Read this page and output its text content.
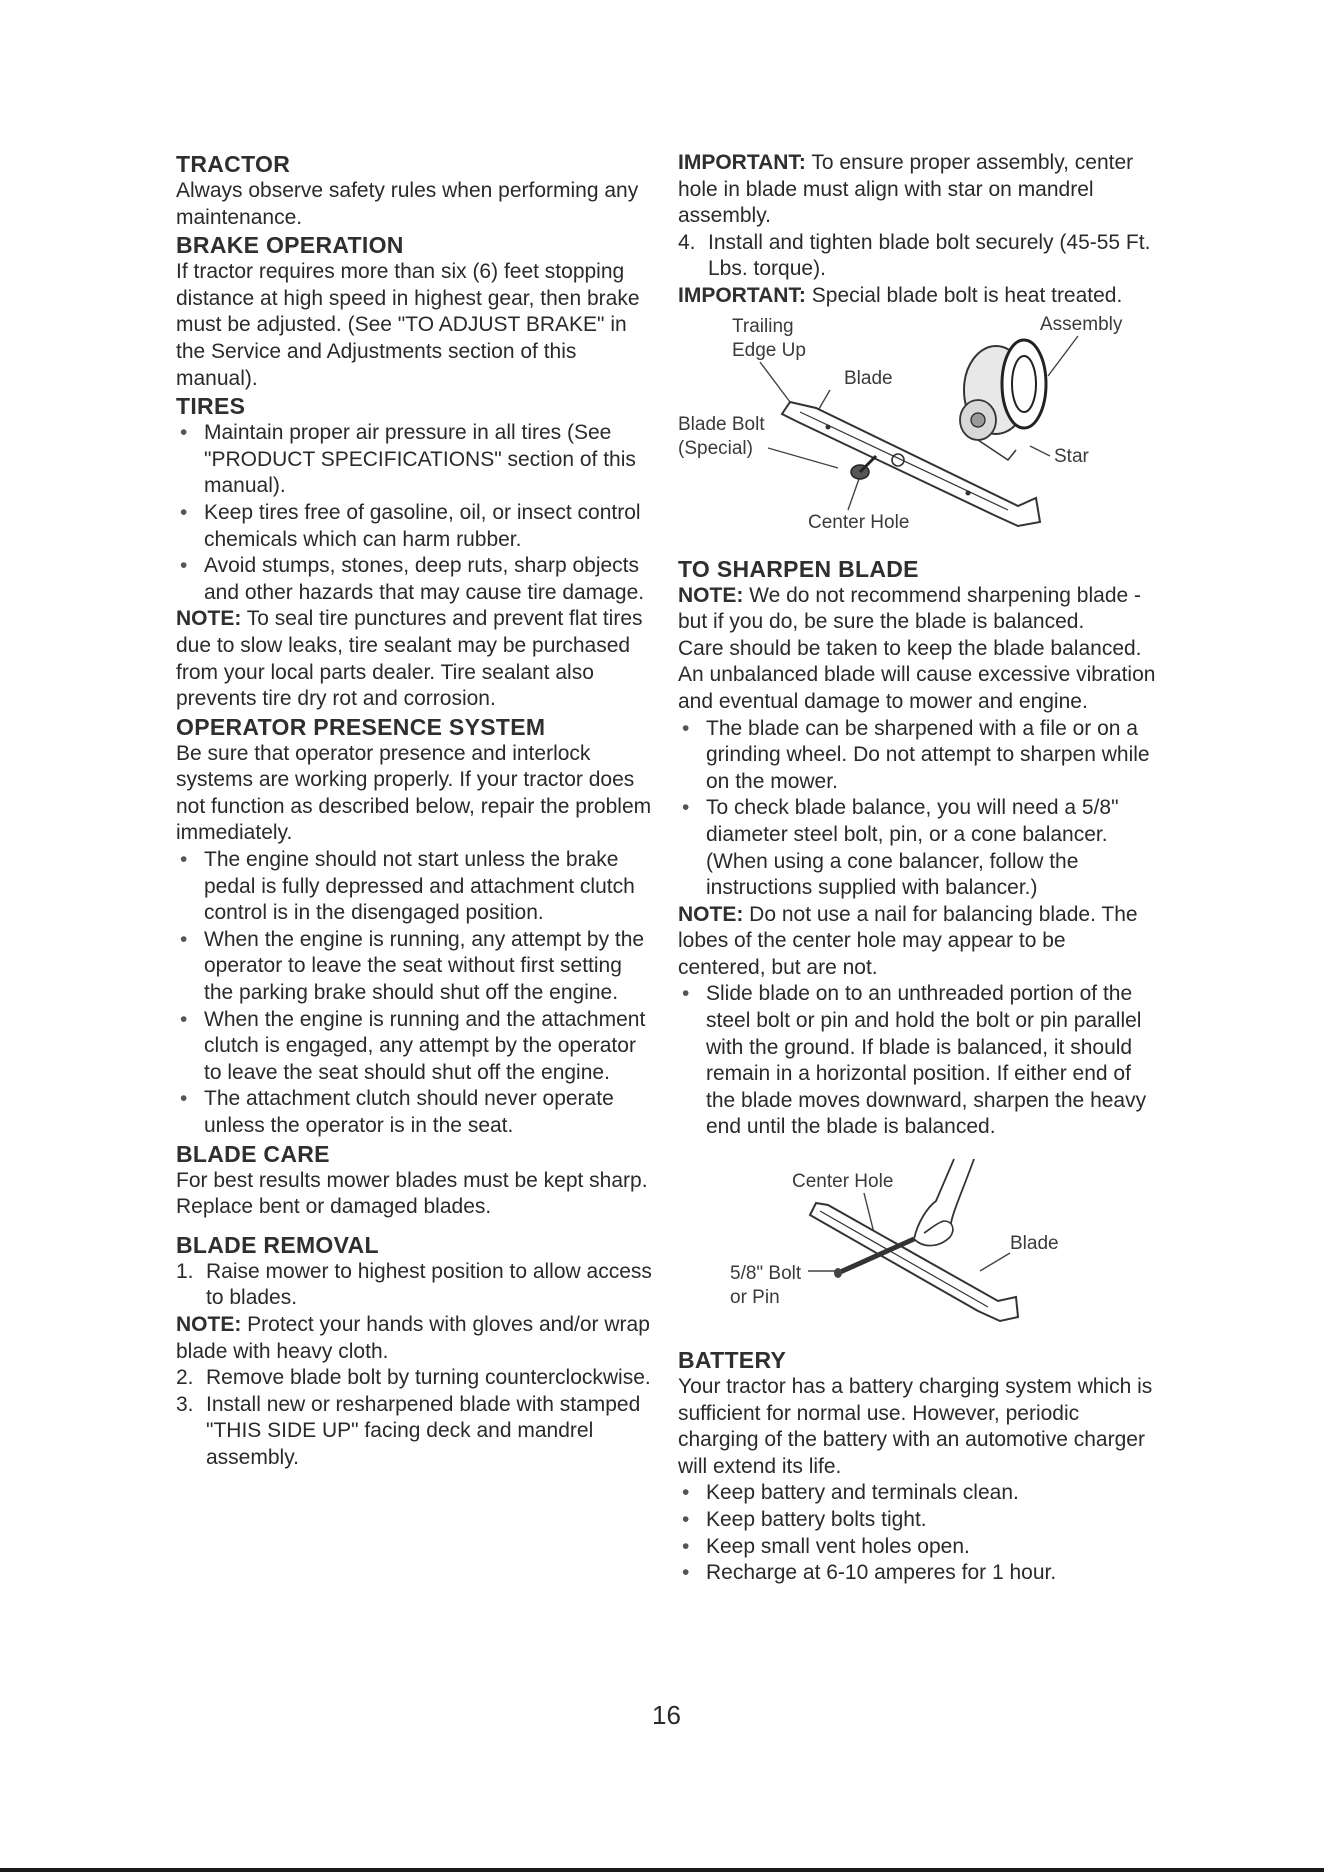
TRACTOR

Always observe safety rules when performing any maintenance.

BRAKE OPERATION

If tractor requires more than six (6) feet stopping distance at high speed in highest gear, then brake must be adjusted. (See "TO ADJUST BRAKE" in the Service and Adjustments section of this manual).

TIRES
• Maintain proper air pressure in all tires (See "PRODUCT SPECIFICATIONS" section of this manual).
• Keep tires free of gasoline, oil, or insect control chemicals which can harm rubber.
• Avoid stumps, stones, deep ruts, sharp objects and other hazards that may cause tire damage.

NOTE: To seal tire punctures and prevent flat tires due to slow leaks, tire sealant may be purchased from your local parts dealer. Tire sealant also prevents tire dry rot and corrosion.

OPERATOR PRESENCE SYSTEM

Be sure that operator presence and interlock systems are working properly. If your tractor does not function as described below, repair the problem immediately.

• The engine should not start unless the brake pedal is fully depressed and attachment clutch control is in the disengaged position.
• When the engine is running, any attempt by the operator to leave the seat without first setting the parking brake should shut off the engine.
• When the engine is running and the attachment clutch is engaged, any attempt by the operator to leave the seat should shut off the engine.
• The attachment clutch should never operate unless the operator is in the seat.
BLADE CARE

For best results mower blades must be kept sharp. Replace bent or damaged blades.

BLADE REMOVAL
1. Raise mower to highest position to allow access to blades.

NOTE: Protect your hands with gloves and/or wrap blade with heavy cloth.

2. Remove blade bolt by turning counterclockwise.
3. Install new or resharpened blade with stamped "THIS SIDE UP" facing deck and mandrel assembly.

IMPORTANT: To ensure proper assembly, center hole in blade must align with star on mandrel assembly.

4. Install and tighten blade bolt securely (45-55 Ft. Lbs. torque).

IMPORTANT: Special blade bolt is heat treated.

Assembly
Trailing
Edge Up
Blade
Blade Bolt
(Special)	Star
Center Hole
TO SHARPEN BLADE

NOTE: We do not recommend sharpening blade - but if you do, be sure the blade is balanced.

Care should be taken to keep the blade balanced. An unbalanced blade will cause excessive vibration and eventual damage to mower and engine.

• The blade can be sharpened with a file or on a grinding wheel. Do not attempt to sharpen while on the mower.
• To check blade balance, you will need a 5/8" diameter steel bolt, pin, or a cone balancer. (When using a cone balancer, follow the instructions supplied with balancer.)

NOTE: Do not use a nail for balancing blade. The lobes of the center hole may appear to be centered, but are not.

• Slide blade on to an unthreaded portion of the steel bolt or pin and hold the bolt or pin parallel with the ground. If blade is balanced, it should remain in a horizontal position. If either end of the blade moves downward, sharpen the heavy end until the blade is balanced.
Center Hole
Blade
5/8" Bolt
or Pin
BATTERY

Your tractor has a battery charging system which is sufficient for normal use. However, periodic charging of the battery with an automotive charger will extend its life.

• Keep battery and terminals clean.
• Keep battery bolts tight.
• Keep small vent holes open.
• Recharge at 6-10 amperes for 1 hour.
16
